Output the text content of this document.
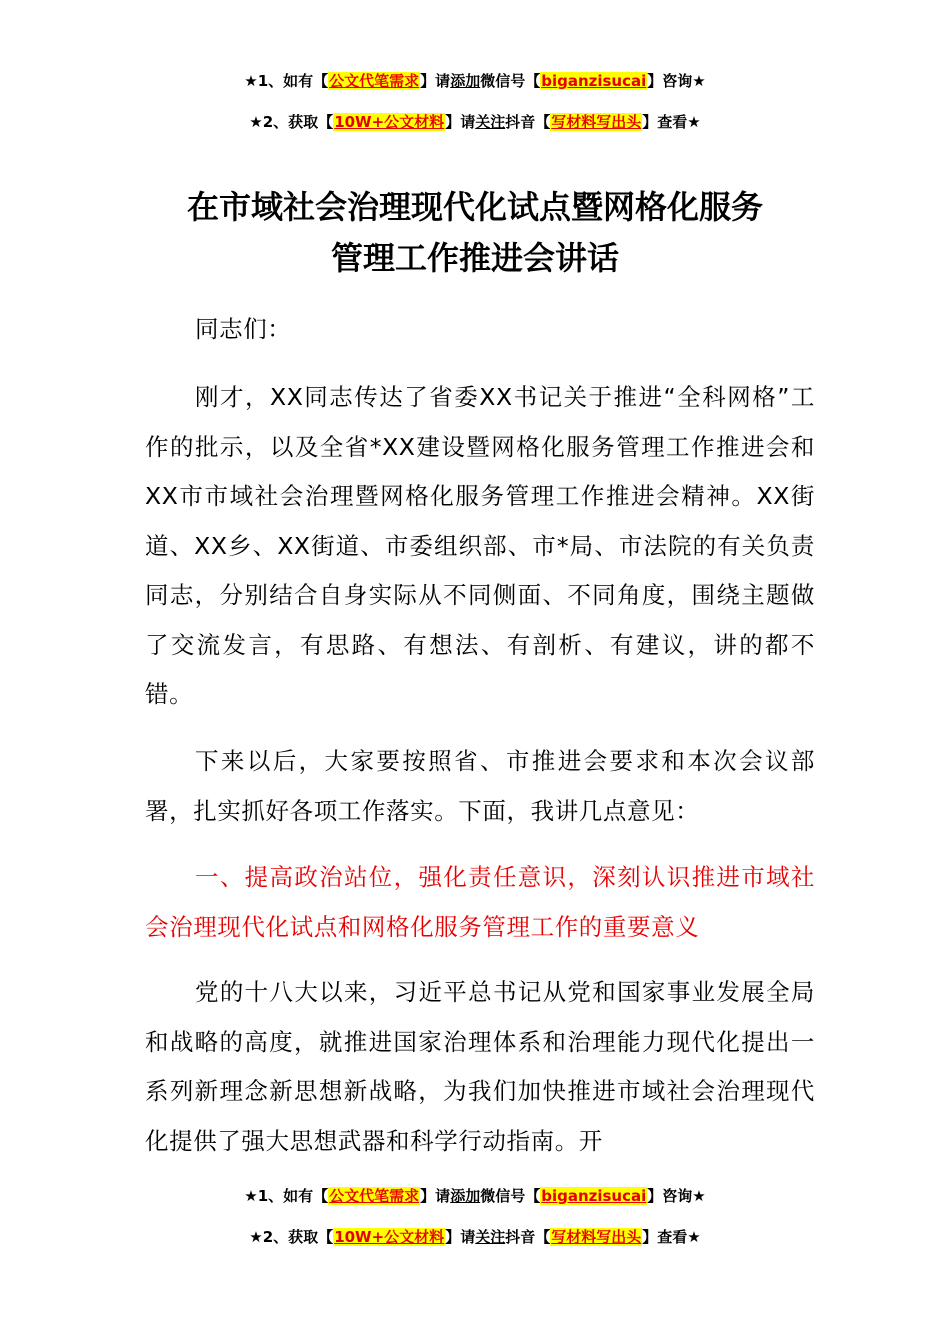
★1、如有【公文代笔需求】请添加微信号【biganzisucai】咨询★
★2、获取【10W+公文材料】请关注抖音【写材料写出头】查看★
在市域社会治理现代化试点暨网格化服务
管理工作推进会讲话

同志们：

刚才，XX同志传达了省委XX书记关于推进“全科网格”工作的批示，以及全省*XX建设暨网格化服务管理工作推进会和XX市市域社会治理暨网格化服务管理工作推进会精神。XX街道、XX乡、XX街道、市委组织部、市*局、市法院的有关负责同志，分别结合自身实际从不同侧面、不同角度，围绕主题做了交流发言，有思路、有想法、有剖析、有建议，讲的都不错。

下来以后，大家要按照省、市推进会要求和本次会议部署，扎实抓好各项工作落实。下面，我讲几点意见：

一、提高政治站位，强化责任意识，深刻认识推进市域社会治理现代化试点和网格化服务管理工作的重要意义

党的十八大以来，习近平总书记从党和国家事业发展全局和战略的高度，就推进国家治理体系和治理能力现代化提出一系列新理念新思想新战略，为我们加快推进市域社会治理现代化提供了强大思想武器和科学行动指南。开

★1、如有【公文代笔需求】请添加微信号【biganzisucai】咨询★
★2、获取【10W+公文材料】请关注抖音【写材料写出头】查看★
